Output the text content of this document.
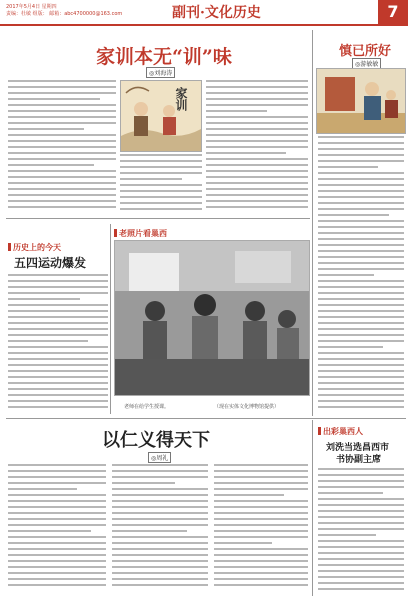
2017年5月4日 星期四
责编：杜敏 组版： 邮箱：abc4700000@163.com	副刊·文化历史	7
家训本无“训”味
◎刘海涛
家训
慎已所好
◎游敏敏
历史上的今天
五四运动爆发
老照片看巢西
老师在给学生授课。	（现在实体文化博物馆提供）
以仁义得天下
◎周礼
出彩巢西人
刘洗当选昌西市
书协副主席
